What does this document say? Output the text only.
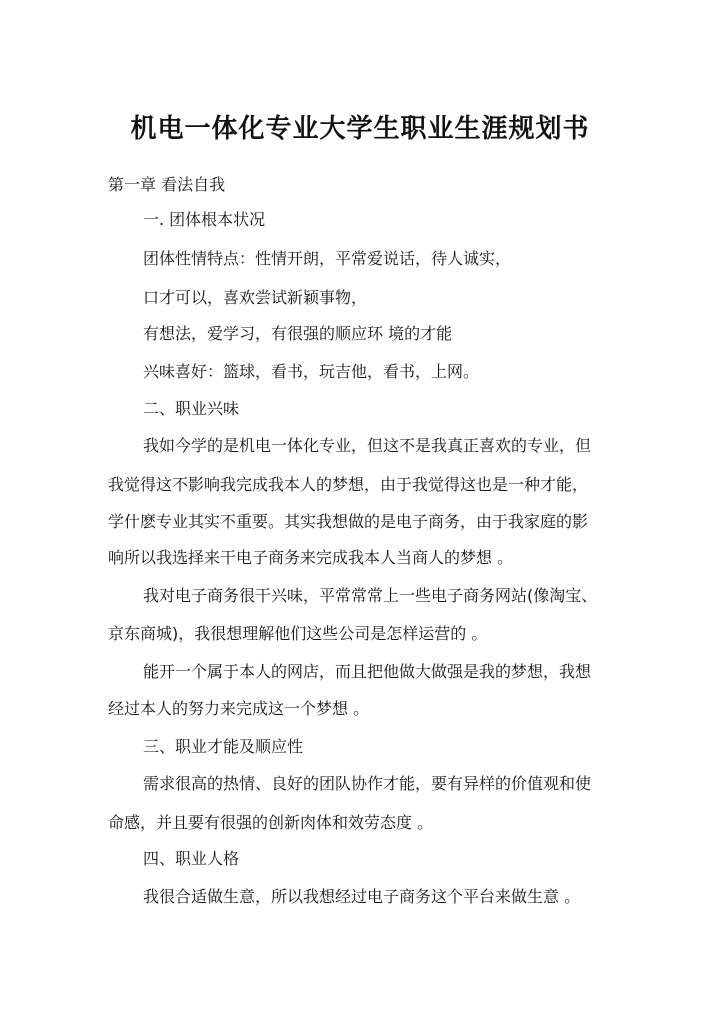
机电一体化专业大学生职业生涯规划书
第一章 看法自我
一. 团体根本状况
团体性情特点：性情开朗，平常爱说话，待人诚实，
口才可以，喜欢尝试新颖事物，
有想法，爱学习，有很强的顺应环 境的才能
兴味喜好：篮球，看书，玩吉他，看书，上网。
二、职业兴味
我如今学的是机电一体化专业，但这不是我真正喜欢的专业，但
我觉得这不影响我完成我本人的梦想，由于我觉得这也是一种才能，
学什麽专业其实不重要。其实我想做的是电子商务，由于我家庭的影
响所以我选择来干电子商务来完成我本人当商人的梦想 。
我对电子商务很干兴味，平常常常上一些电子商务网站(像淘宝、
京东商城)，我很想理解他们这些公司是怎样运营的 。
能开一个属于本人的网店，而且把他做大做强是我的梦想，我想
经过本人的努力来完成这一个梦想 。
三、职业才能及顺应性
需求很高的热情、良好的团队协作才能，要有异样的价值观和使
命感，并且要有很强的创新肉体和效劳态度 。
四、职业人格
我很合适做生意，所以我想经过电子商务这个平台来做生意 。
